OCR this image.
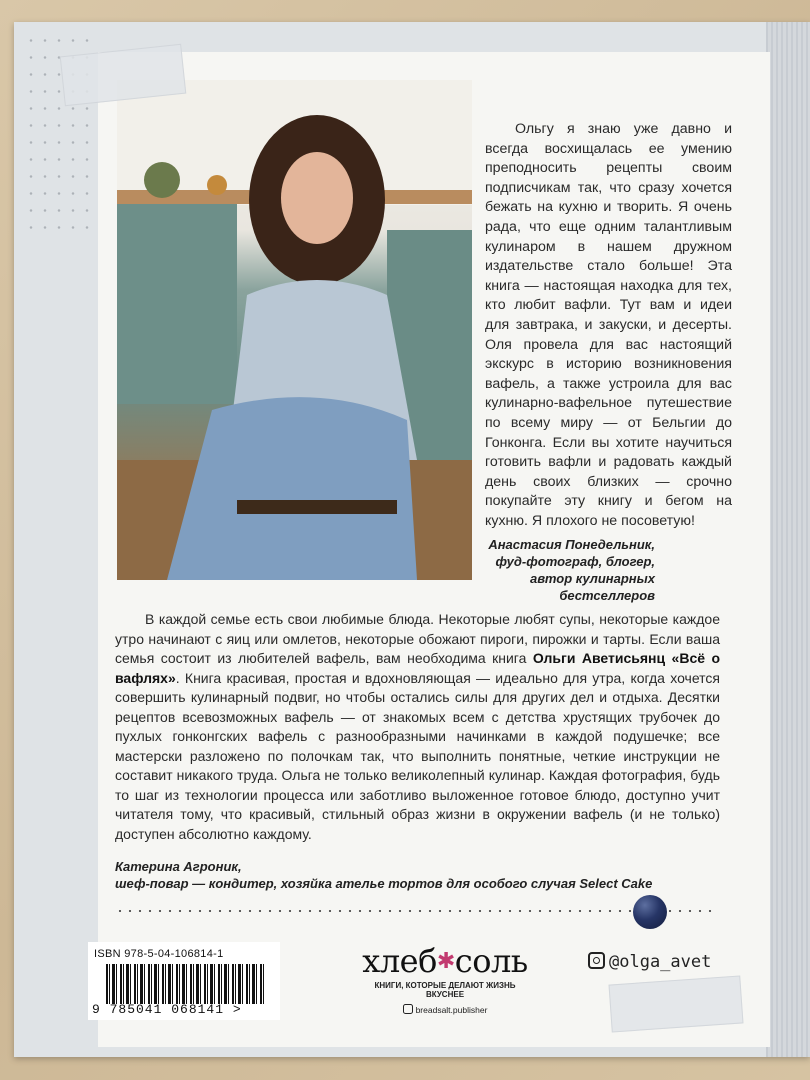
Ольгу я знаю уже давно и всегда восхищалась ее умению преподносить рецепты своим подписчикам так, что сразу хочется бежать на кухню и творить. Я очень рада, что еще одним талантливым кулинаром в нашем дружном издательстве стало больше! Эта книга — настоящая находка для тех, кто любит вафли. Тут вам и идеи для завтрака, и закуски, и десерты. Оля провела для вас настоящий экскурс в историю возникновения вафель, а также устроила для вас кулинарно-вафельное путешествие по всему миру — от Бельгии до Гонконга. Если вы хотите научиться готовить вафли и радовать каждый день своих близких — срочно покупайте эту книгу и бегом на кухню. Я плохого не посоветую!

Анастасия Понедельник,
фуд-фотограф, блогер, автор кулинарных бестселлеров

В каждой семье есть свои любимые блюда. Некоторые любят супы, некоторые каждое утро начинают с яиц или омлетов, некоторые обожают пироги, пирожки и тарты. Если ваша семья состоит из любителей вафель, вам необходима книга Ольги Аветисьянц «Всё о вафлях». Книга красивая, простая и вдохновляющая — идеально для утра, когда хочется совершить кулинарный подвиг, но чтобы остались силы для других дел и отдыха. Десятки рецептов всевозможных вафель — от знакомых всем с детства хрустящих трубочек до пухлых гонконгских вафель с разнообразными начинками в каждой подушечке; все мастерски разложено по полочкам так, что выполнить понятные, четкие инструкции не составит никакого труда. Ольга не только великолепный кулинар. Каждая фотография, будь то шаг из технологии процесса или заботливо выложенное готовое блюдо, доступно учит читателя тому, что красивый, стильный образ жизни в окружении вафель (и не только) доступен абсолютно каждому.

Катерина Агроник,
шеф-повар — кондитер, хозяйка ателье тортов для особого случая Select Cake
ISBN 978-5-04-106814-1
9 785041 068141 >
хлеб✱соль
КНИГИ, КОТОРЫЕ ДЕЛАЮТ ЖИЗНЬ ВКУСНЕЕ
breadsalt.publisher
@olga_avet
